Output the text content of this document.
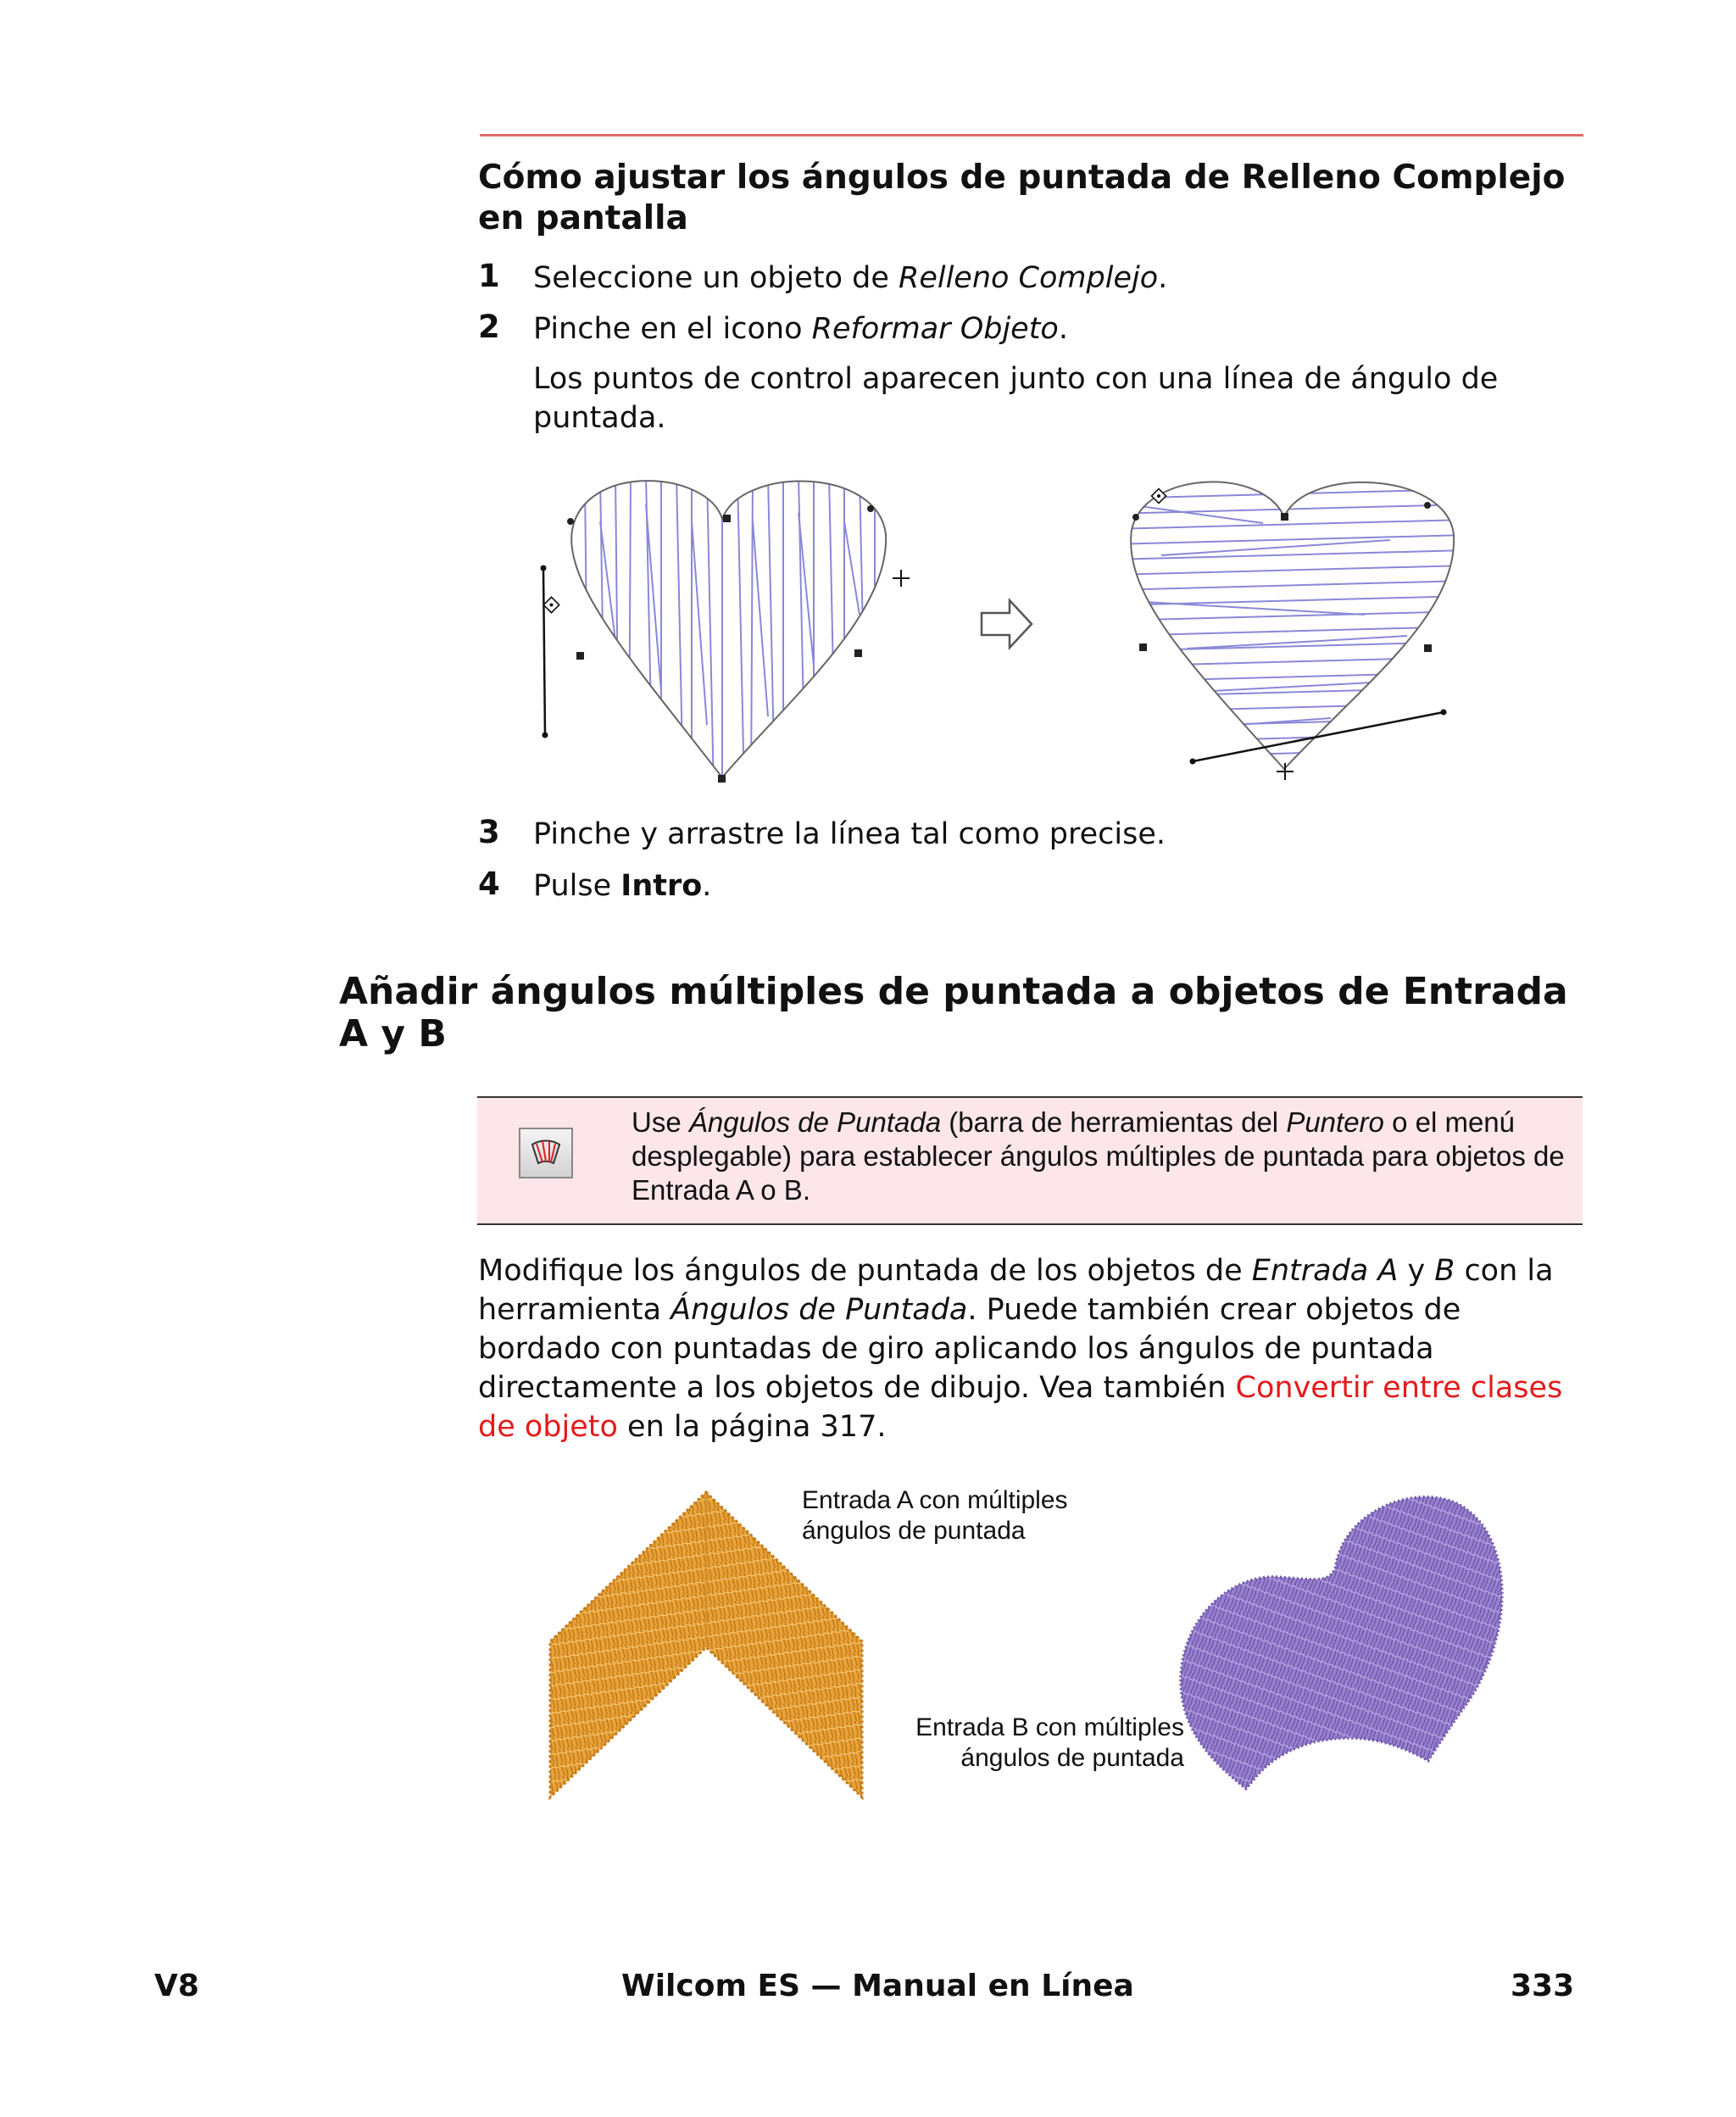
Cómo ajustar los ángulos de puntada de Relleno Complejo en pantalla
1 Seleccione un objeto de Relleno Complejo.
2 Pinche en el icono Reformar Objeto.
Los puntos de control aparecen junto con una línea de ángulo de puntada.
3 Pinche y arrastre la línea tal como precise.
4 Pulse Intro.
Añadir ángulos múltiples de puntada a objetos de Entrada A y B
Use Ángulos de Puntada (barra de herramientas del Puntero o el menú desplegable) para establecer ángulos múltiples de puntada para objetos de Entrada A o B.
Modifique los ángulos de puntada de los objetos de Entrada A y B con la herramienta Ángulos de Puntada. Puede también crear objetos de bordado con puntadas de giro aplicando los ángulos de puntada directamente a los objetos de dibujo. Vea también Convertir entre clases de objeto en la página 317.
Entrada A con múltiples
ángulos de puntada
Entrada B con múltiples
ángulos de puntada
V8	Wilcom ES — Manual en Línea	333
